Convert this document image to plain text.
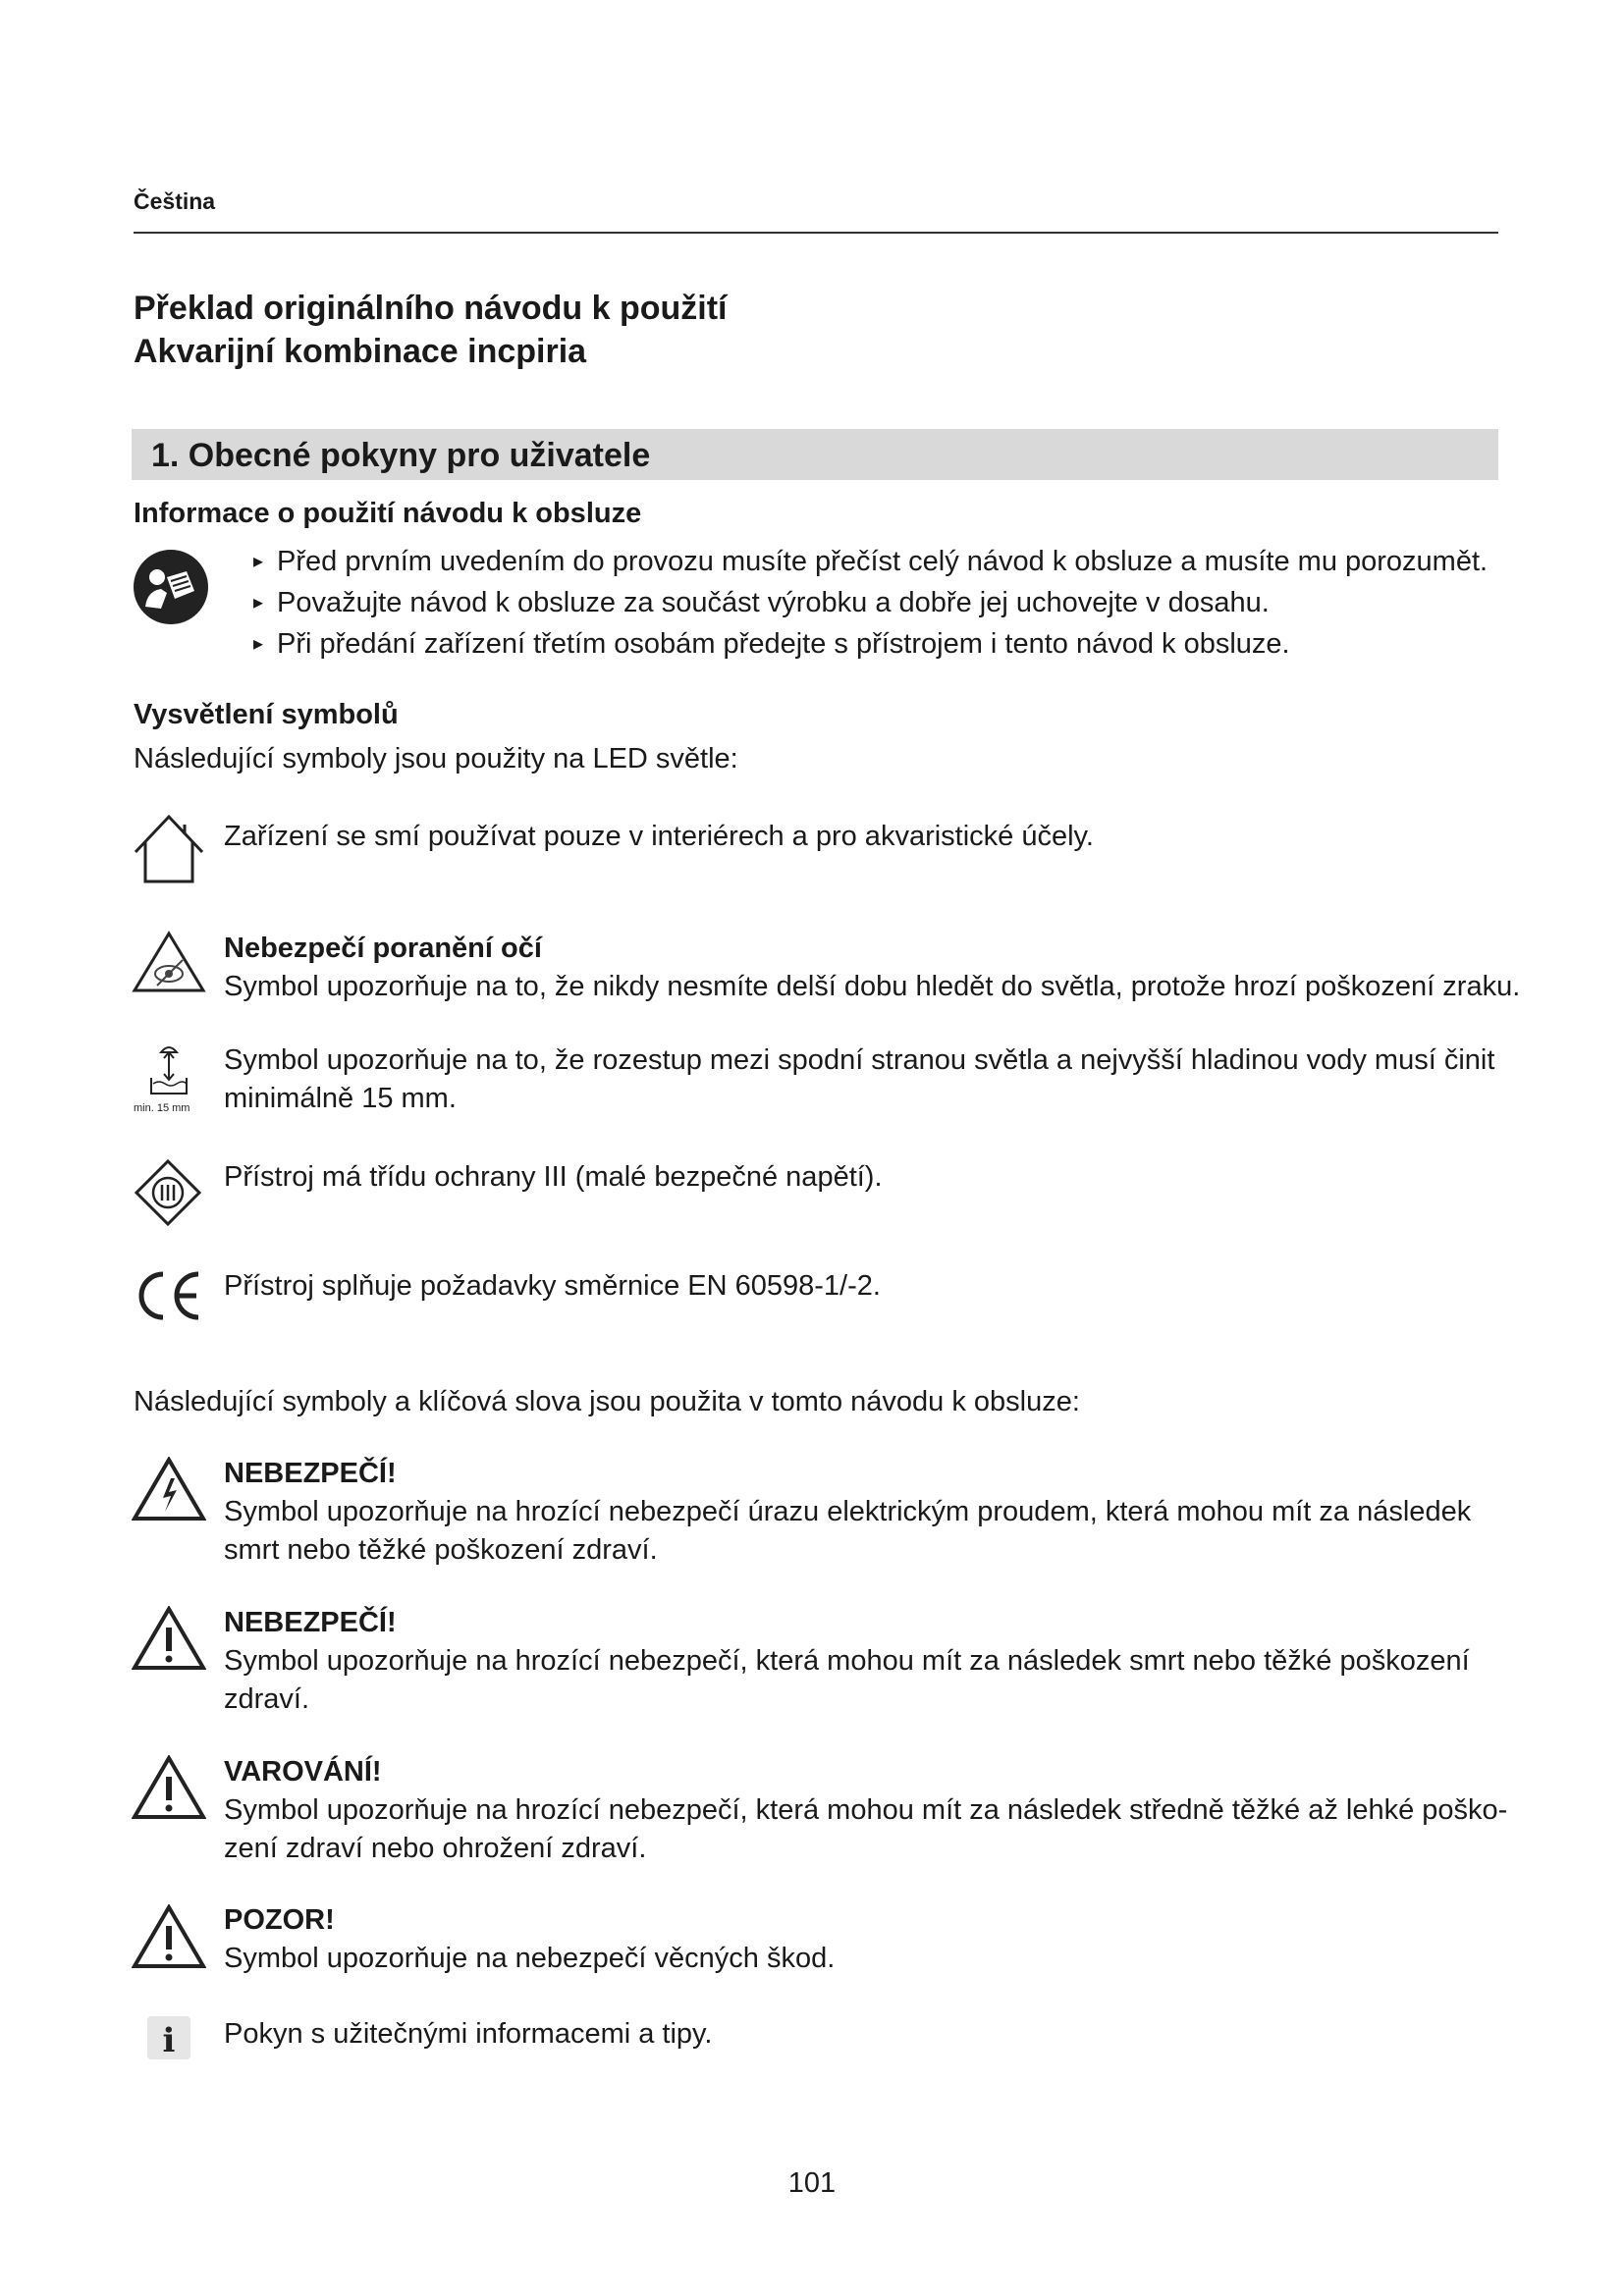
Čeština
Překlad originálního návodu k použití
Akvarijní kombinace incpiria
1. Obecné pokyny pro uživatele
Informace o použití návodu k obsluze
▸ Před prvním uvedením do provozu musíte přečíst celý návod k obsluze a musíte mu porozumět.
▸ Považujte návod k obsluze za součást výrobku a dobře jej uchovejte v dosahu.
▸ Při předání zařízení třetím osobám předejte s přístrojem i tento návod k obsluze.
Vysvětlení symbolů
Následující symboly jsou použity na LED světle:
Zařízení se smí používat pouze v interiérech a pro akvaristické účely.
Nebezpečí poranění očí
Symbol upozorňuje na to, že nikdy nesmíte delší dobu hledět do světla, protože hrozí poškození zraku.
min. 15 mm
Symbol upozorňuje na to, že rozestup mezi spodní stranou světla a nejvyšší hladinou vody musí činit
minimálně 15 mm.
Přístroj má třídu ochrany III (malé bezpečné napětí).
Přístroj splňuje požadavky směrnice EN 60598-1/-2.
Následující symboly a klíčová slova jsou použita v tomto návodu k obsluze:
NEBEZPEČÍ!
Symbol upozorňuje na hrozící nebezpečí úrazu elektrickým proudem, která mohou mít za následek
smrt nebo těžké poškození zdraví.
NEBEZPEČÍ!
Symbol upozorňuje na hrozící nebezpečí, která mohou mít za následek smrt nebo těžké poškození
zdraví.
VAROVÁNÍ!
Symbol upozorňuje na hrozící nebezpečí, která mohou mít za následek středně těžké až lehké poško-
zení zdraví nebo ohrožení zdraví.
POZOR!
Symbol upozorňuje na nebezpečí věcných škod.
i Pokyn s užitečnými informacemi a tipy.
101
